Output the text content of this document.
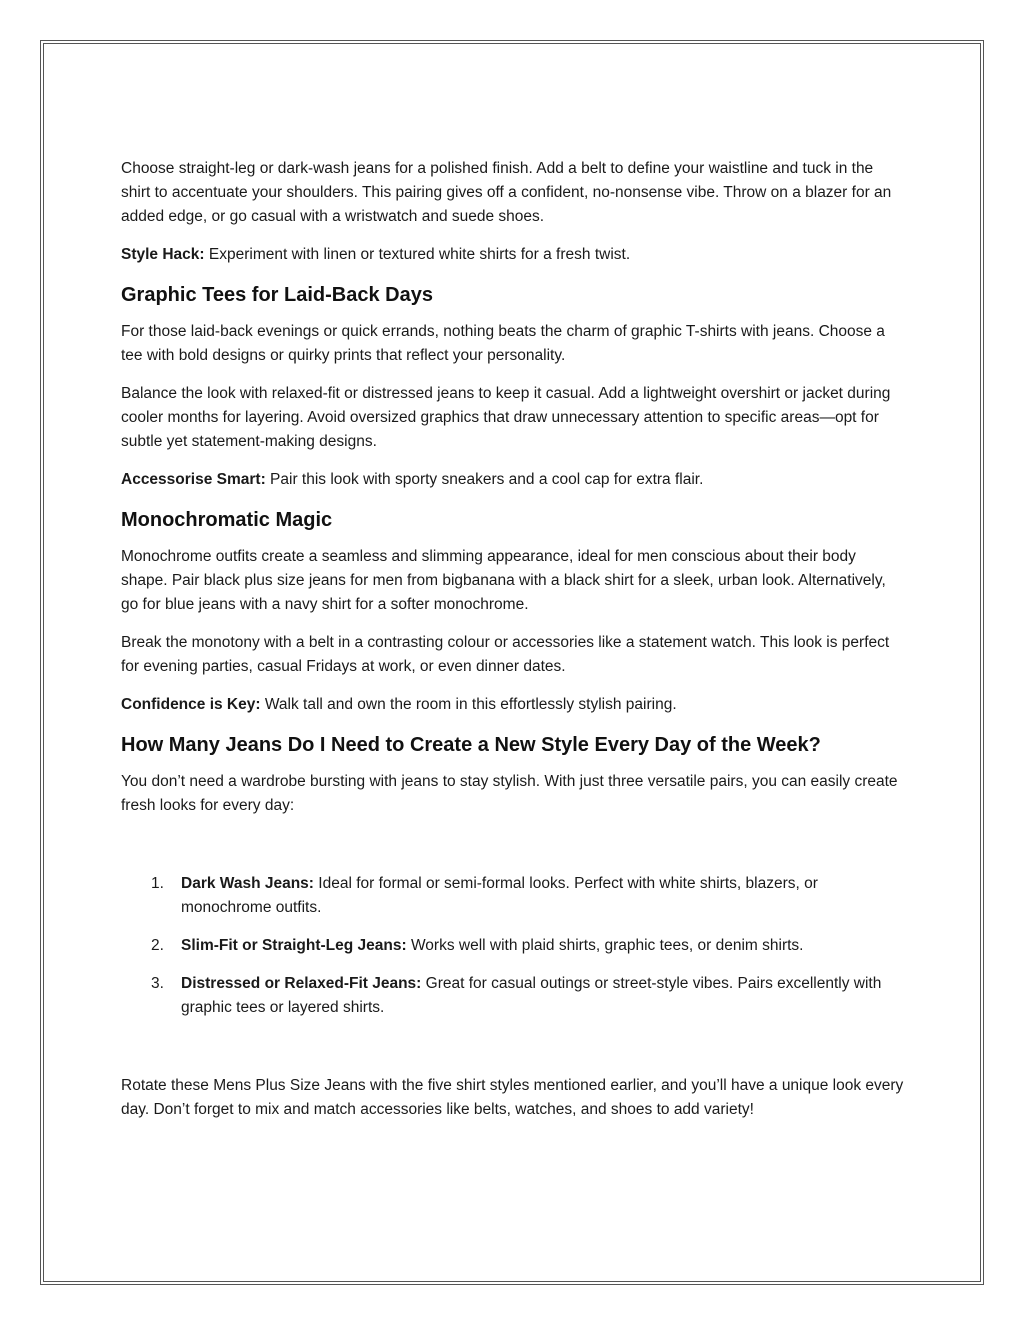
Choose straight-leg or dark-wash jeans for a polished finish. Add a belt to define your waistline and tuck in the shirt to accentuate your shoulders. This pairing gives off a confident, no-nonsense vibe. Throw on a blazer for an added edge, or go casual with a wristwatch and suede shoes.

Style Hack: Experiment with linen or textured white shirts for a fresh twist.

Graphic Tees for Laid-Back Days

For those laid-back evenings or quick errands, nothing beats the charm of graphic T-shirts with jeans. Choose a tee with bold designs or quirky prints that reflect your personality.

Balance the look with relaxed-fit or distressed jeans to keep it casual. Add a lightweight overshirt or jacket during cooler months for layering. Avoid oversized graphics that draw unnecessary attention to specific areas—opt for subtle yet statement-making designs.

Accessorise Smart: Pair this look with sporty sneakers and a cool cap for extra flair.

Monochromatic Magic

Monochrome outfits create a seamless and slimming appearance, ideal for men conscious about their body shape. Pair black plus size jeans for men from bigbanana with a black shirt for a sleek, urban look. Alternatively, go for blue jeans with a navy shirt for a softer monochrome.

Break the monotony with a belt in a contrasting colour or accessories like a statement watch. This look is perfect for evening parties, casual Fridays at work, or even dinner dates.

Confidence is Key: Walk tall and own the room in this effortlessly stylish pairing.

How Many Jeans Do I Need to Create a New Style Every Day of the Week?

You don’t need a wardrobe bursting with jeans to stay stylish. With just three versatile pairs, you can easily create fresh looks for every day:

1. Dark Wash Jeans: Ideal for formal or semi-formal looks. Perfect with white shirts, blazers, or monochrome outfits.
2. Slim-Fit or Straight-Leg Jeans: Works well with plaid shirts, graphic tees, or denim shirts.
3. Distressed or Relaxed-Fit Jeans: Great for casual outings or street-style vibes. Pairs excellently with graphic tees or layered shirts.

Rotate these Mens Plus Size Jeans with the five shirt styles mentioned earlier, and you’ll have a unique look every day. Don’t forget to mix and match accessories like belts, watches, and shoes to add variety!
